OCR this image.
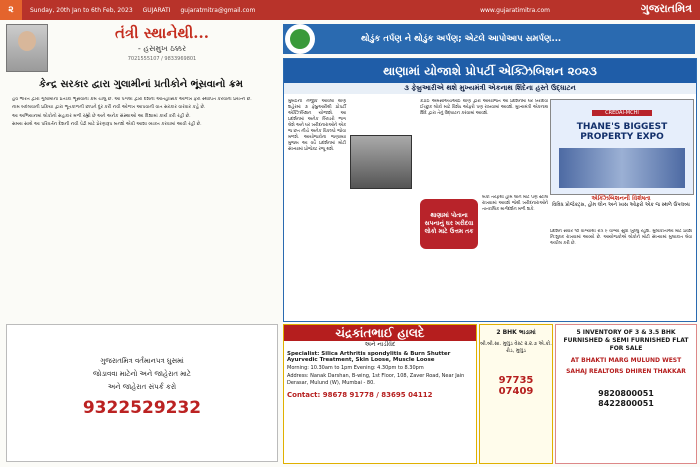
૨	Sunday, 20th Jan to 6th Feb, 2023 GUJARATI gujaratmitra@gmail.com	www.gujaratimitra.com	ગુજરાતમિત્ર
તંત્રી સ્થાનેથી...
- હસમુખ ઠક્કર
7021555107 / 9833969801
કેન્દ્ર સરકાર દ્વારા ગુલામીનાં પ્રતીકોને ભૂંસવાનો ક્રમ

હવે ભારત દ્વારા ગુલામીનાં પ્રતીકો ભૂંસવાનો ક્રમ ચાલુ છે. આ પગલાં દ્વારા દેશની ઐતિહાસિક ઓળખ ફરી સ્થાપિત કરવાનો પ્રયત્ન છે.

નામ બદલવાની પ્રક્રિયા દ્વારા ભૂતકાળની છાપને દૂર કરી નવી ઓળખ આપવાની વાત સરકાર વારંવાર કહે છે.

આ અભિયાનમાં લોકોનો સહકાર મળી રહ્યો છે અને અનેક સંસ્થાઓ આ દિશામાં કાર્ય કરી રહી છે.

સમય સાથે આ પરિવર્તન દેશની નવી પેઢી માટે પ્રેરણારૂપ બનશે એવી આશા વ્યક્ત કરવામાં આવી રહી છે.

ગુજરાતમિત્ર વર્તમાનપત્ર ઘુસમાં
જોડાવવા માટેનો અને જાહેરાત માટે
અને જાહેરાત સંપર્ક કરો
9322529232
થોડુંક તર્પણ ને થોડુંક અર્પણ; એટલે આપોઆપ સમર્પણ...
થાણામાં યોજાશે પ્રોપર્ટી એક્ઝિબિશન ૨૦૨૩
૩ ફેબ્રુઆરીએ થશે મુખ્યમંત્રી એકનાથ શિંદેના હસ્તે ઉદ્ઘાટન
મુંબઈની નજીક આવેલા થાણે શહેરમાં ૩ ફેબ્રુઆરીથી પ્રોપર્ટી એક્ઝિબિશન યોજાશે. આ પ્રદર્શનમાં અનેક બિલ્ડરો ભાગ લેશે અને ઘર ખરીદનારાઓને એક જ છત નીચે અનેક વિકલ્પો જોવા મળશે. આયોજકોના જણાવ્યા મુજબ આ વર્ષે પ્રદર્શનમાં મોટી સંખ્યામાં પ્રોજેક્ટ રજૂ થશે.
ક્રેડાઈ એમસીએચઆઈ થાણે દ્વારા આયોજિત આ પ્રદર્શનમાં ઘર ખરીદવા ઈચ્છુક લોકો માટે વિશેષ ઓફરો પણ રાખવામાં આવશે. મુખ્યમંત્રી એકનાથ શિંદે દ્વારા તેનું ઉદ્ઘાટન કરવામાં આવશે.
બેંકો તરફથી હોમ લોન માટે પણ સ્ટોલ રાખવામાં આવશે જેથી ખરીદનારાઓને તાત્કાલિક માર્ગદર્શન મળી શકે.
થાણામાં પોતાના સપનાનું ઘર ખરીદવા લોકો માટે ઉત્તમ તક
CREDAI-MCHI
THANE'S BIGGEST PROPERTY EXPO
એક્ઝિબિશનની વિશેષતા
વિવિધ પ્રોજેક્ટ્સ, હોમ લોન અને ખાસ ઓફરો એક જ સ્થળે ઉપલબ્ધ
પ્રદર્શન સવારે ૧૦ વાગ્યાથી રાત્રે ૯ વાગ્યા સુધી ખુલ્લું રહેશે. મુલાકાતીઓ માટે પ્રવેશ નિઃશુલ્ક રાખવામાં આવ્યો છે. આયોજકોએ લોકોને મોટી સંખ્યામાં મુલાકાત લેવા અપીલ કરી છે.
ચંદ્રકાંતભાઈ હાલદે
અને નાડીવૈદ
Specialist: Silica Arthritis spondylitis & Burn Shutter Ayurvedic Treatment, Skin Loose, Muscle Loose
Morning: 10.30am to 1pm Evening: 4.30pm to 8.30pm
Address: Nanak Darshan, B-wing, 1st Floor, 108, Zaver Road, Near Jain Derasar, Mulund (W), Mumbai - 80.
Contact: 98678 91778 / 83695 04112
2 BHK ભાડામાં
બી.બી.સા. મુલુંડ વેસ્ટ ૨.૨.૭ એ.કો. રોડ, મુલુંડ
97735 07409
5 INVENTORY OF 3 & 3.5 BHK FURNISHED & SEMI FURNISHED FLAT FOR SALE
AT BHAKTI MARG MULUND WEST
SAHAJ REALTORS DHIREN THAKKAR
9820800051
8422800051
